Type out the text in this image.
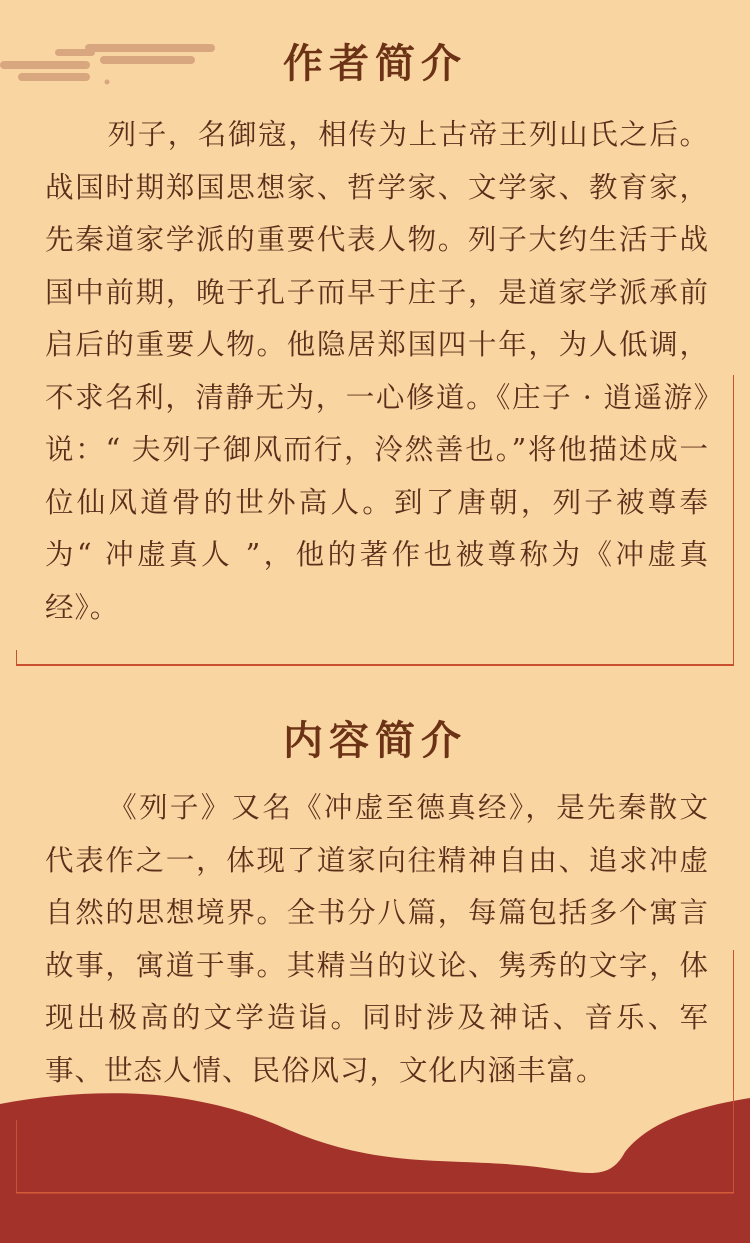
作者简介

列子，名御寇，相传为上古帝王列山氏之后。战国时期郑国思想家、哲学家、文学家、教育家，先秦道家学派的重要代表人物。列子大约生活于战国中前期，晚于孔子而早于庄子，是道家学派承前启后的重要人物。他隐居郑国四十年，为人低调，不求名利，清静无为，一心修道。《庄子 · 逍遥游》说：“ 夫列子御风而行，泠然善也。”将他描述成一位仙风道骨的世外高人。到了唐朝，列子被尊奉为“ 冲虚真人 ”，他的著作也被尊称为《冲虚真经》。

内容简介

《列子》又名《冲虚至德真经》，是先秦散文代表作之一，体现了道家向往精神自由、追求冲虚自然的思想境界。全书分八篇，每篇包括多个寓言故事，寓道于事。其精当的议论、隽秀的文字，体现出极高的文学造诣。同时涉及神话、音乐、军事、世态人情、民俗风习，文化内涵丰富。
